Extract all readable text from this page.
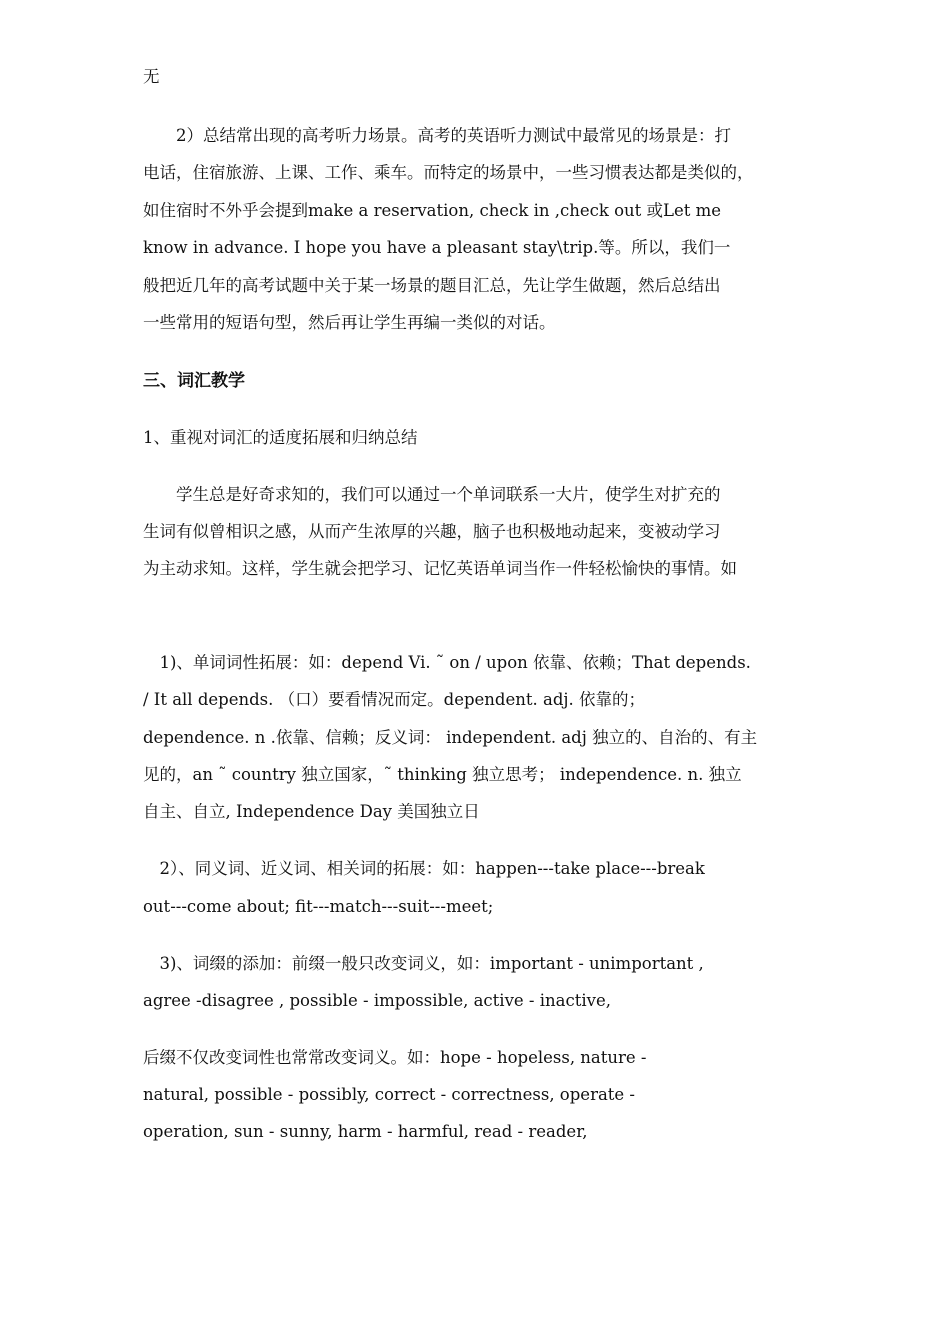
无
　　2）总结常出现的高考听力场景。高考的英语听力测试中最常见的场景是：打
电话，住宿旅游、上课、工作、乘车。而特定的场景中，一些习惯表达都是类似的，
如住宿时不外乎会提到make a reservation, check in ,check out 或Let me
know in advance. I hope you have a pleasant stay\trip.等。所以，我们一
般把近几年的高考试题中关于某一场景的题目汇总，先让学生做题，然后总结出
一些常用的短语句型，然后再让学生再编一类似的对话。
三、词汇教学
1、重视对词汇的适度拓展和归纳总结
　　学生总是好奇求知的，我们可以通过一个单词联系一大片，使学生对扩充的
生词有似曾相识之感，从而产生浓厚的兴趣，脑子也积极地动起来，变被动学习
为主动求知。这样，学生就会把学习、记忆英语单词当作一件轻松愉快的事情。如
　1)、单词词性拓展：如：depend Vi. ˜ on / upon 依靠、依赖；That depends.
/ It all depends. （口）要看情况而定。dependent. adj. 依靠的；
dependence. n .依靠、信赖；反义词： independent. adj 独立的、自治的、有主
见的，an ˜ country 独立国家，˜ thinking 独立思考； independence. n. 独立
自主、自立, Independence Day 美国独立日
　2）、同义词、近义词、相关词的拓展：如：happen---take place---break
out---come about; fit---match---suit---meet;
　3)、词缀的添加：前缀一般只改变词义，如：important - unimportant ,
agree -disagree , possible - impossible, active - inactive,
后缀不仅改变词性也常常改变词义。如：hope - hopeless, nature -
natural, possible - possibly, correct - correctness, operate -
operation, sun - sunny, harm - harmful, read - reader,
